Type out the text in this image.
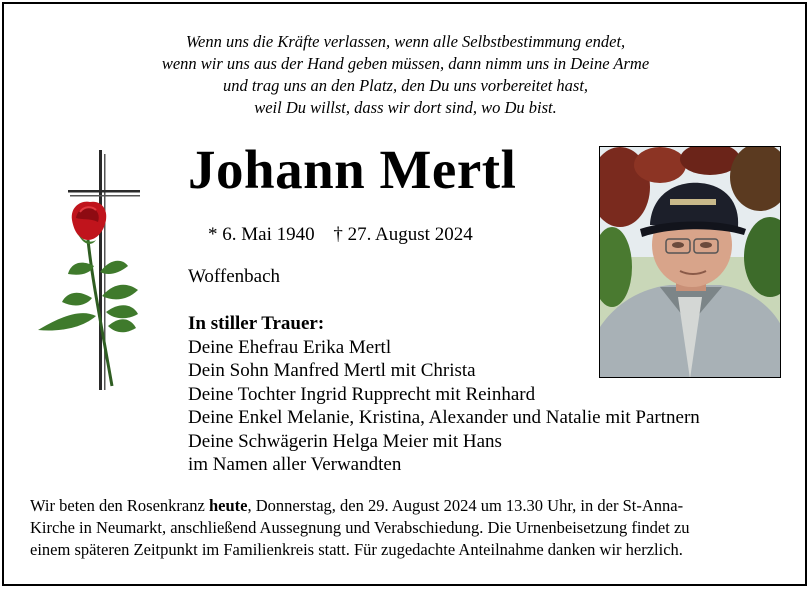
Wenn uns die Kräfte verlassen, wenn alle Selbstbestimmung endet,
wenn wir uns aus der Hand geben müssen, dann nimm uns in Deine Arme
und trag uns an den Platz, den Du uns vorbereitet hast,
weil Du willst, dass wir dort sind, wo Du bist.
Johann Mertl
* 6. Mai 1940 † 27. August 2024
Woffenbach
In stiller Trauer:
Deine Ehefrau Erika Mertl
Dein Sohn Manfred Mertl mit Christa
Deine Tochter Ingrid Rupprecht mit Reinhard
Deine Enkel Melanie, Kristina, Alexander und Natalie mit Partnern
Deine Schwägerin Helga Meier mit Hans
im Namen aller Verwandten
Wir beten den Rosenkranz heute, Donnerstag, den 29. August 2024 um 13.30 Uhr, in der St-Anna-
Kirche in Neumarkt, anschließend Aussegnung und Verabschiedung. Die Urnenbeisetzung findet zu
einem späteren Zeitpunkt im Familienkreis statt. Für zugedachte Anteilnahme danken wir herzlich.
